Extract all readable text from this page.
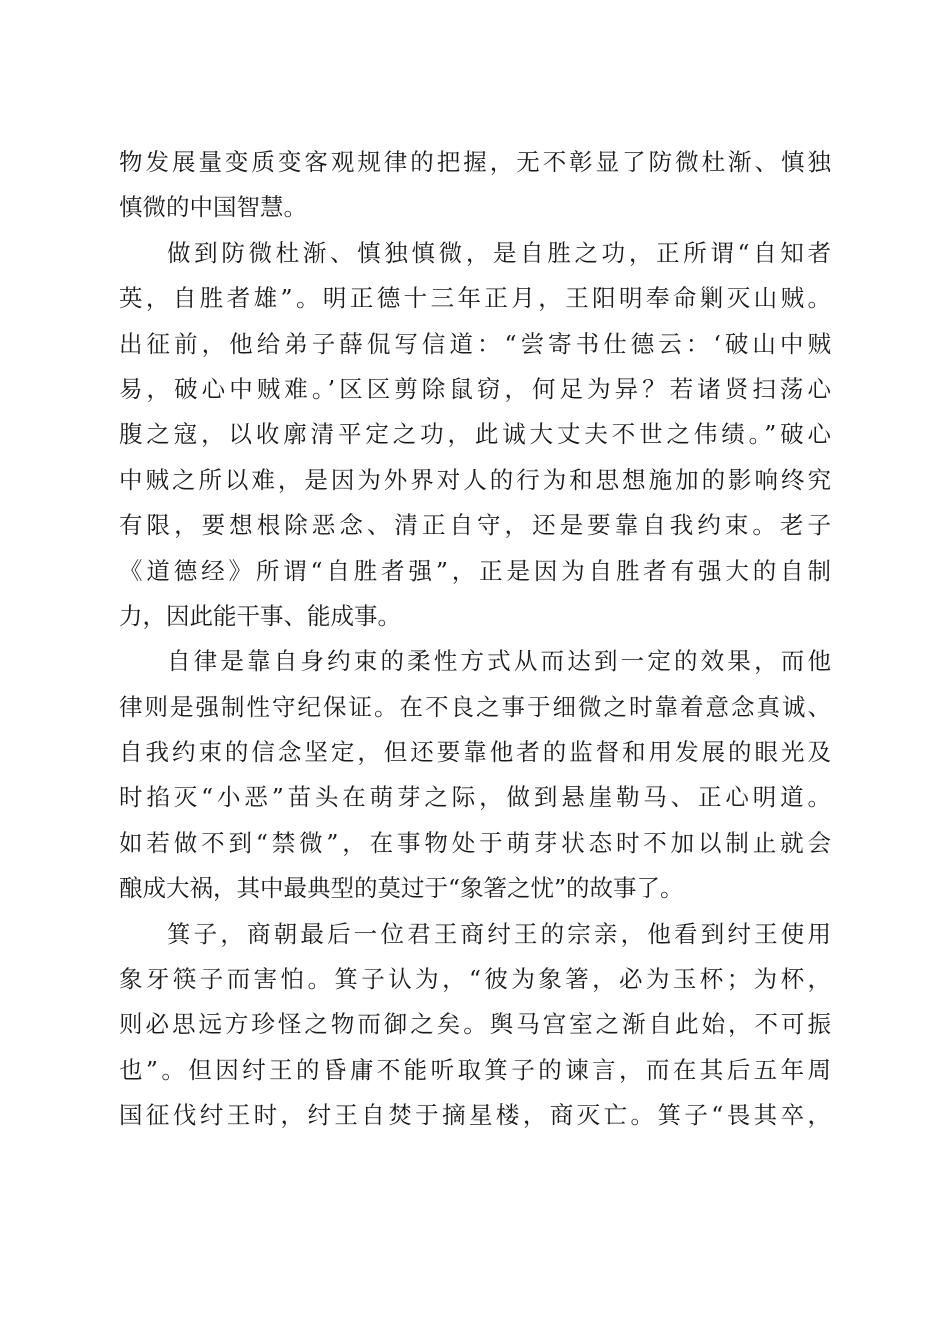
物发展量变质变客观规律的把握，无不彰显了防微杜渐、慎独
慎微的中国智慧。
做到防微杜渐、慎独慎微，是自胜之功，正所谓“自知者
英，自胜者雄”。明正德十三年正月，王阳明奉命剿灭山贼。
出征前，他给弟子薛侃写信道：“尝寄书仕德云：‘破山中贼
易，破心中贼难。’区区剪除鼠窃，何足为异？若诸贤扫荡心
腹之寇，以收廓清平定之功，此诚大丈夫不世之伟绩。”破心
中贼之所以难，是因为外界对人的行为和思想施加的影响终究
有限，要想根除恶念、清正自守，还是要靠自我约束。老子
《道德经》所谓“自胜者强”，正是因为自胜者有强大的自制
力，因此能干事、能成事。
自律是靠自身约束的柔性方式从而达到一定的效果，而他
律则是强制性守纪保证。在不良之事于细微之时靠着意念真诚、
自我约束的信念坚定，但还要靠他者的监督和用发展的眼光及
时掐灭“小恶”苗头在萌芽之际，做到悬崖勒马、正心明道。
如若做不到“禁微”，在事物处于萌芽状态时不加以制止就会
酿成大祸，其中最典型的莫过于“象箸之忧”的故事了。
箕子，商朝最后一位君王商纣王的宗亲，他看到纣王使用
象牙筷子而害怕。箕子认为，“彼为象箸，必为玉杯；为杯，
则必思远方珍怪之物而御之矣。舆马宫室之渐自此始，不可振
也”。但因纣王的昏庸不能听取箕子的谏言，而在其后五年周
国征伐纣王时，纣王自焚于摘星楼，商灭亡。箕子“畏其卒，
